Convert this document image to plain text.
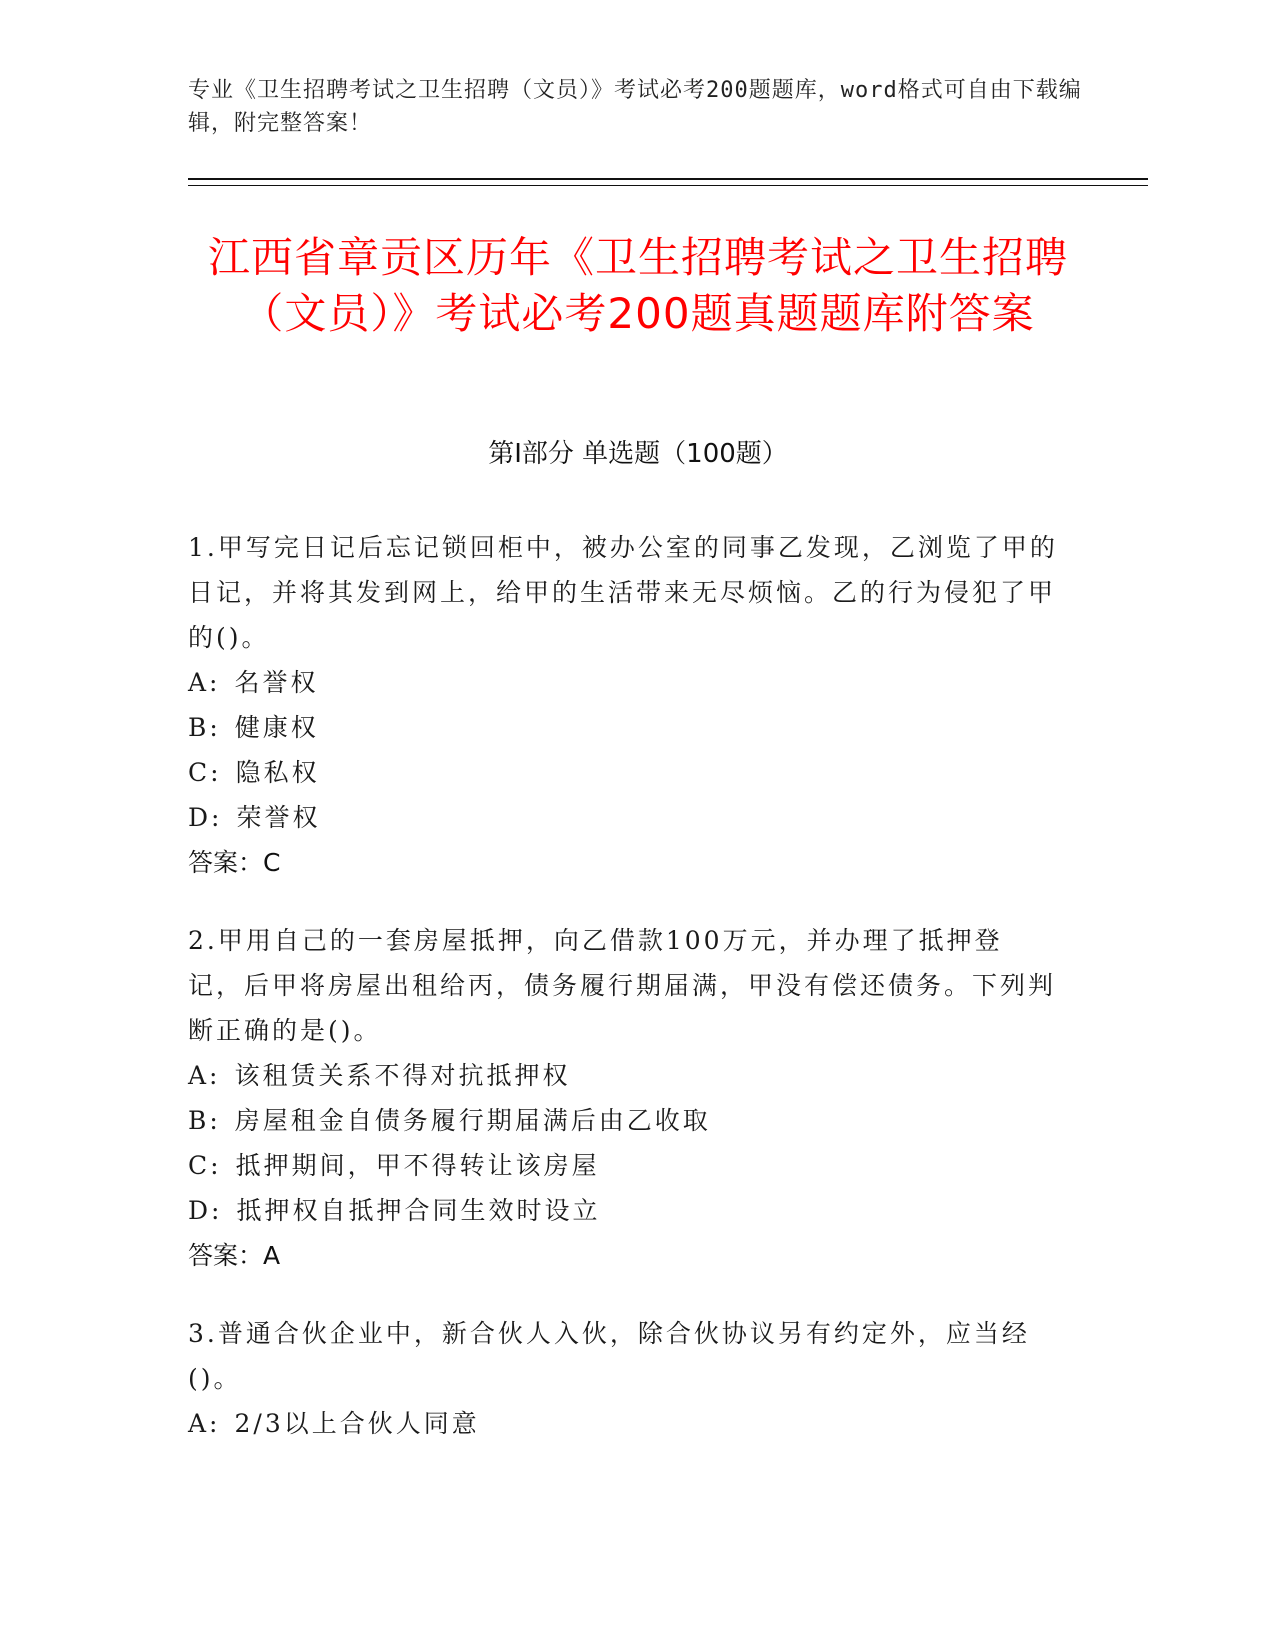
专业《卫生招聘考试之卫生招聘（文员）》考试必考200题题库，word格式可自由下载编辑，附完整答案！
江西省章贡区历年《卫生招聘考试之卫生招聘（文员）》考试必考200题真题题库附答案
第Ⅰ部分 单选题（100题）
1.甲写完日记后忘记锁回柜中，被办公室的同事乙发现，乙浏览了甲的日记，并将其发到网上，给甲的生活带来无尽烦恼。乙的行为侵犯了甲的()。
A: 名誉权
B: 健康权
C: 隐私权
D: 荣誉权
答案：C
2.甲用自己的一套房屋抵押，向乙借款100万元，并办理了抵押登记，后甲将房屋出租给丙，债务履行期届满，甲没有偿还债务。下列判断正确的是()。
A: 该租赁关系不得对抗抵押权
B: 房屋租金自债务履行期届满后由乙收取
C: 抵押期间，甲不得转让该房屋
D: 抵押权自抵押合同生效时设立
答案：A
3.普通合伙企业中，新合伙人入伙，除合伙协议另有约定外，应当经()。
A: 2/3以上合伙人同意
